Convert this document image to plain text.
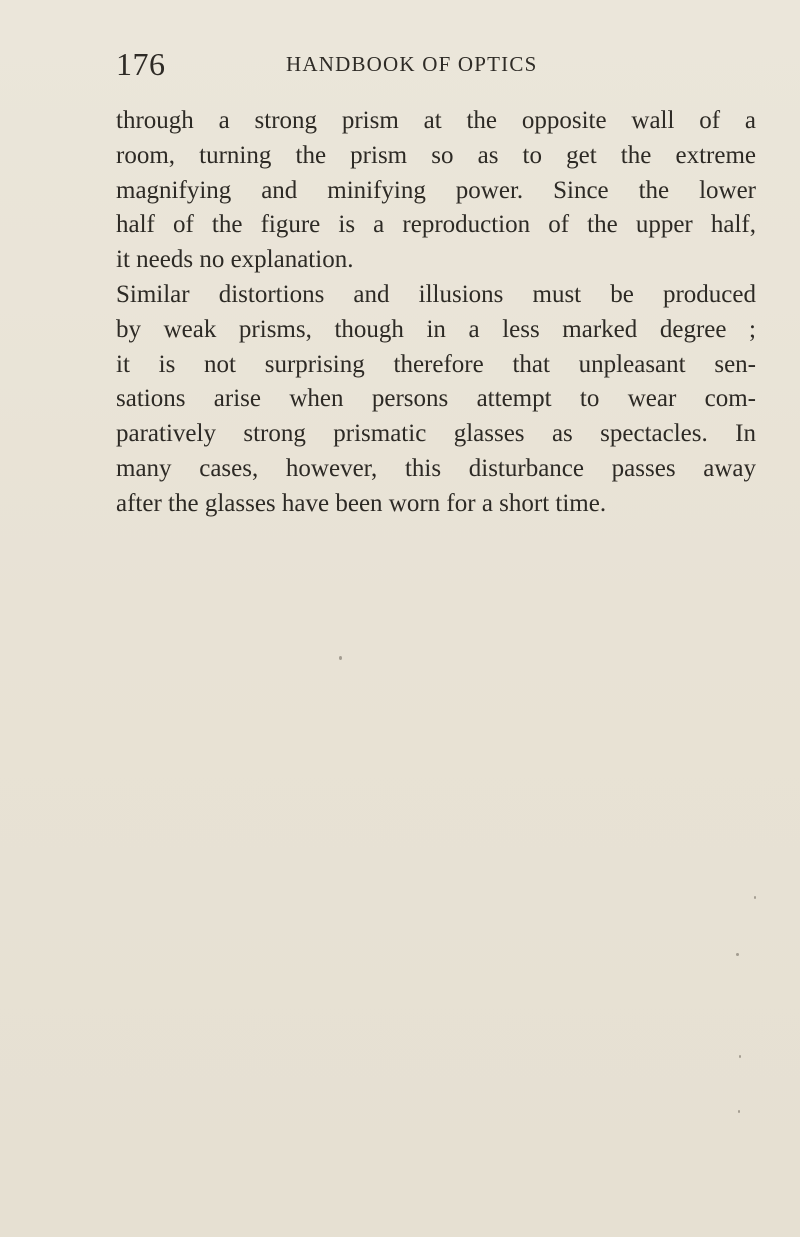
176	HANDBOOK OF OPTICS
through a strong prism at the opposite wall of a
room, turning the prism so as to get the extreme
magnifying and minifying power. Since the lower
half of the figure is a reproduction of the upper half,
it needs no explanation.
Similar distortions and illusions must be produced
by weak prisms, though in a less marked degree ;
it is not surprising therefore that unpleasant sen-
sations arise when persons attempt to wear com-
paratively strong prismatic glasses as spectacles. In
many cases, however, this disturbance passes away
after the glasses have been worn for a short time.
